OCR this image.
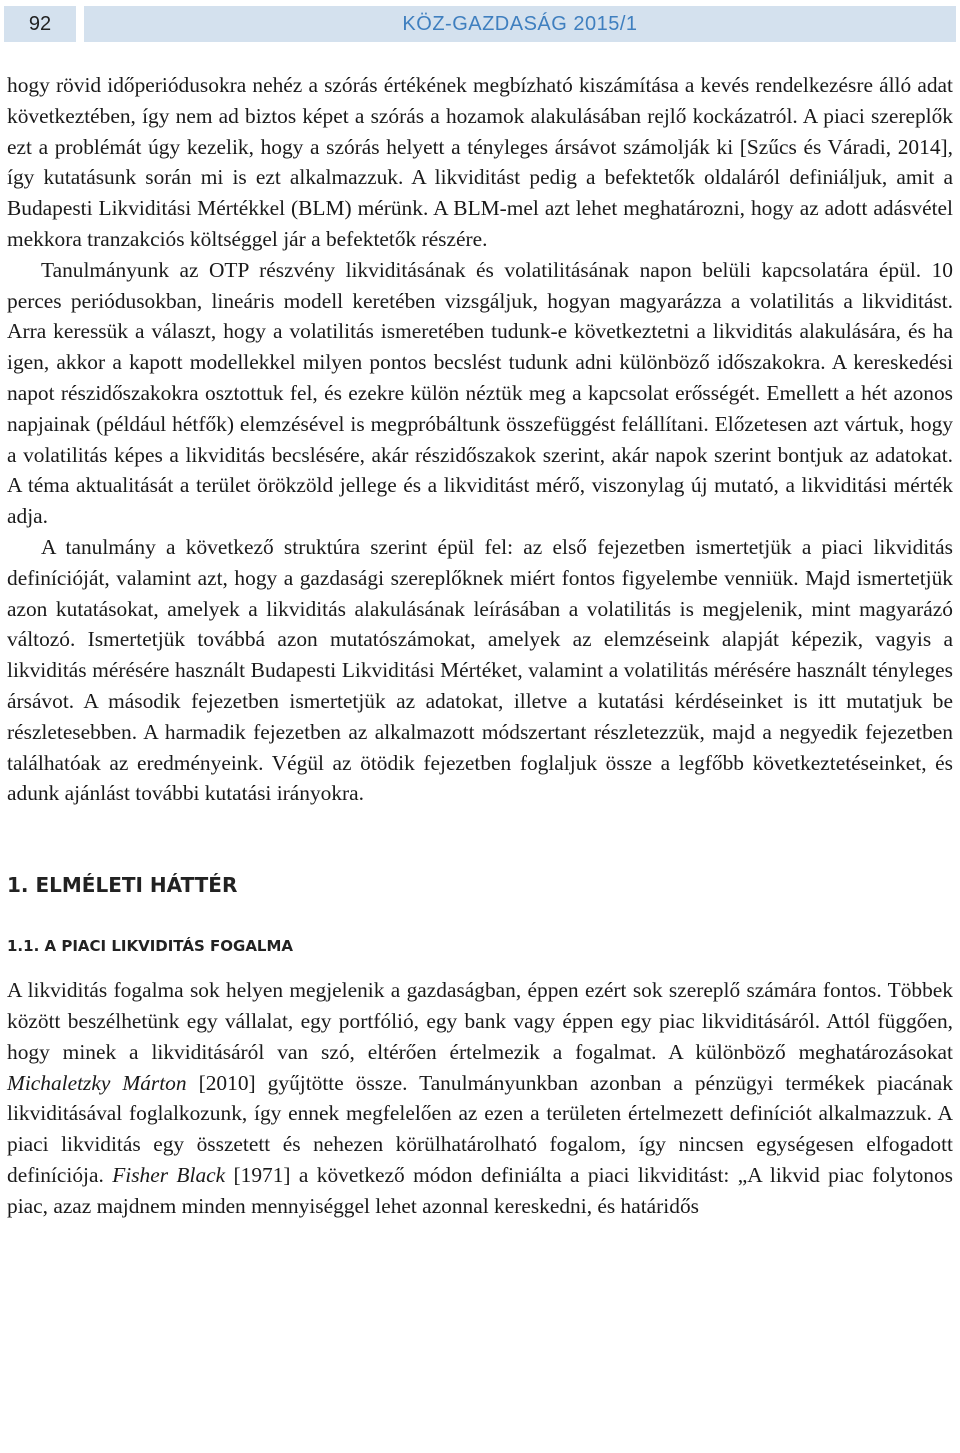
92	KÖZ-GAZDASÁG 2015/1

hogy rövid időperiódusokra nehéz a szórás értékének megbízható kiszámítása a kevés rendelkezésre álló adat következtében, így nem ad biztos képet a szórás a hozamok alakulásában rejlő kockázatról. A piaci szereplők ezt a problémát úgy kezelik, hogy a szórás helyett a tényleges ársávot számolják ki [Szűcs és Váradi, 2014], így kutatásunk során mi is ezt alkalmazzuk. A likviditást pedig a befektetők oldaláról definiáljuk, amit a Budapesti Likviditási Mértékkel (BLM) mérünk. A BLM-mel azt lehet meghatározni, hogy az adott adásvétel mekkora tranzakciós költséggel jár a befektetők részére.

Tanulmányunk az OTP részvény likviditásának és volatilitásának napon belüli kapcsolatára épül. 10 perces periódusokban, lineáris modell keretében vizsgáljuk, hogyan magyarázza a volatilitás a likviditást. Arra keressük a választ, hogy a volatilitás ismeretében tudunk-e következtetni a likviditás alakulására, és ha igen, akkor a kapott modellekkel milyen pontos becslést tudunk adni különböző időszakokra. A kereskedési napot részidőszakokra osztottuk fel, és ezekre külön néztük meg a kapcsolat erősségét. Emellett a hét azonos napjainak (például hétfők) elemzésével is megpróbáltunk összefüggést felállítani. Előzetesen azt vártuk, hogy a volatilitás képes a likviditás becslésére, akár részidőszakok szerint, akár napok szerint bontjuk az adatokat. A téma aktualitását a terület örökzöld jellege és a likviditást mérő, viszonylag új mutató, a likviditási mérték adja.

A tanulmány a következő struktúra szerint épül fel: az első fejezetben ismertetjük a piaci likviditás definícióját, valamint azt, hogy a gazdasági szereplőknek miért fontos figyelembe venniük. Majd ismertetjük azon kutatásokat, amelyek a likviditás alakulásának leírásában a volatilitás is megjelenik, mint magyarázó változó. Ismertetjük továbbá azon mutatószámokat, amelyek az elemzéseink alapját képezik, vagyis a likviditás mérésére használt Budapesti Likviditási Mértéket, valamint a volatilitás mérésére használt tényleges ársávot. A második fejezetben ismertetjük az adatokat, illetve a kutatási kérdéseinket is itt mutatjuk be részletesebben. A harmadik fejezetben az alkalmazott módszertant részletezzük, majd a negyedik fejezetben találhatóak az eredményeink. Végül az ötödik fejezetben foglaljuk össze a legfőbb következtetéseinket, és adunk ajánlást további kutatási irányokra.

1. ELMÉLETI HÁTTÉR
1.1. A PIACI LIKVIDITÁS FOGALMA

A likviditás fogalma sok helyen megjelenik a gazdaságban, éppen ezért sok szereplő számára fontos. Többek között beszélhetünk egy vállalat, egy portfólió, egy bank vagy éppen egy piac likviditásáról. Attól függően, hogy minek a likviditásáról van szó, eltérően értelmezik a fogalmat. A különböző meghatározásokat Michaletzky Márton [2010] gyűjtötte össze. Tanulmányunkban azonban a pénzügyi termékek piacának likviditásával foglalkozunk, így ennek megfelelően az ezen a területen értelmezett definíciót alkalmazzuk. A piaci likviditás egy összetett és nehezen körülhatárolható fogalom, így nincsen egységesen elfogadott definíciója. Fisher Black [1971] a következő módon definiálta a piaci likviditást: „A likvid piac folytonos piac, azaz majdnem minden mennyiséggel lehet azonnal kereskedni, és határidős
